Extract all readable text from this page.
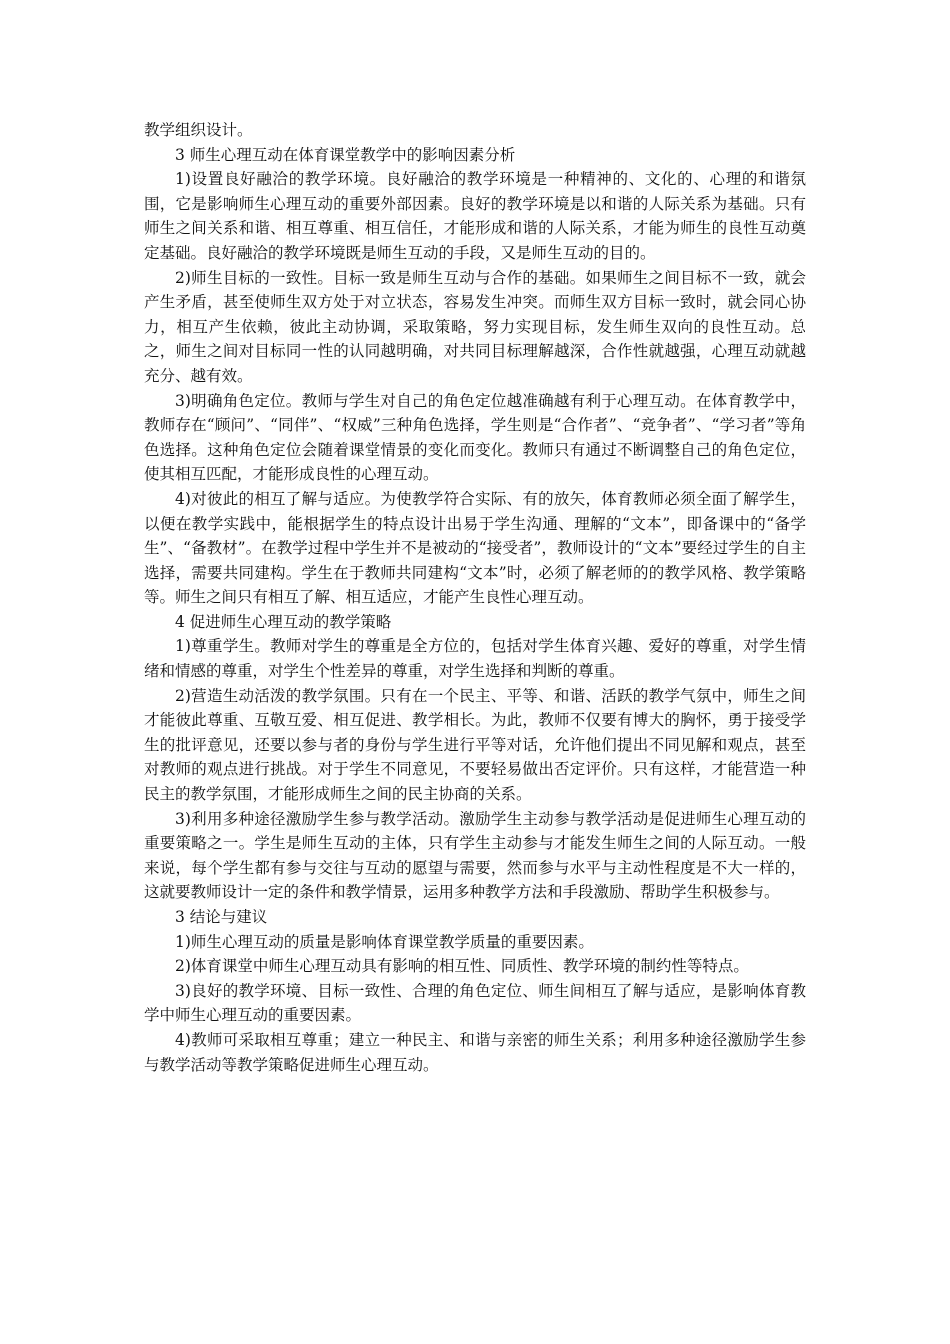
教学组织设计。

3 师生心理互动在体育课堂教学中的影响因素分析

1)设置良好融洽的教学环境。良好融洽的教学环境是一种精神的、文化的、心理的和谐氛围，它是影响师生心理互动的重要外部因素。良好的教学环境是以和谐的人际关系为基础。只有师生之间关系和谐、相互尊重、相互信任，才能形成和谐的人际关系，才能为师生的良性互动奠定基础。良好融洽的教学环境既是师生互动的手段，又是师生互动的目的。

2)师生目标的一致性。目标一致是师生互动与合作的基础。如果师生之间目标不一致，就会产生矛盾，甚至使师生双方处于对立状态，容易发生冲突。而师生双方目标一致时，就会同心协力，相互产生依赖，彼此主动协调，采取策略，努力实现目标，发生师生双向的良性互动。总之，师生之间对目标同一性的认同越明确，对共同目标理解越深，合作性就越强，心理互动就越充分、越有效。

3)明确角色定位。教师与学生对自己的角色定位越准确越有利于心理互动。在体育教学中，教师存在“顾问”、“同伴”、“权威”三种角色选择，学生则是“合作者”、“竞争者”、“学习者”等角色选择。这种角色定位会随着课堂情景的变化而变化。教师只有通过不断调整自己的角色定位，使其相互匹配，才能形成良性的心理互动。

4)对彼此的相互了解与适应。为使教学符合实际、有的放矢，体育教师必须全面了解学生，以便在教学实践中，能根据学生的特点设计出易于学生沟通、理解的“文本”，即备课中的“备学生”、“备教材”。在教学过程中学生并不是被动的“接受者”，教师设计的“文本”要经过学生的自主选择，需要共同建构。学生在于教师共同建构“文本”时，必须了解老师的的教学风格、教学策略等。师生之间只有相互了解、相互适应，才能产生良性心理互动。

4 促进师生心理互动的教学策略

1)尊重学生。教师对学生的尊重是全方位的，包括对学生体育兴趣、爱好的尊重，对学生情绪和情感的尊重，对学生个性差异的尊重，对学生选择和判断的尊重。

2)营造生动活泼的教学氛围。只有在一个民主、平等、和谐、活跃的教学气氛中，师生之间才能彼此尊重、互敬互爱、相互促进、教学相长。为此，教师不仅要有博大的胸怀，勇于接受学生的批评意见，还要以参与者的身份与学生进行平等对话，允许他们提出不同见解和观点，甚至对教师的观点进行挑战。对于学生不同意见，不要轻易做出否定评价。只有这样，才能营造一种民主的教学氛围，才能形成师生之间的民主协商的关系。

3)利用多种途径激励学生参与教学活动。激励学生主动参与教学活动是促进师生心理互动的重要策略之一。学生是师生互动的主体，只有学生主动参与才能发生师生之间的人际互动。一般来说，每个学生都有参与交往与互动的愿望与需要，然而参与水平与主动性程度是不大一样的，这就要教师设计一定的条件和教学情景，运用多种教学方法和手段激励、帮助学生积极参与。

3 结论与建议

1)师生心理互动的质量是影响体育课堂教学质量的重要因素。

2)体育课堂中师生心理互动具有影响的相互性、同质性、教学环境的制约性等特点。

3)良好的教学环境、目标一致性、合理的角色定位、师生间相互了解与适应，是影响体育教学中师生心理互动的重要因素。

4)教师可采取相互尊重；建立一种民主、和谐与亲密的师生关系；利用多种途径激励学生参与教学活动等教学策略促进师生心理互动。
